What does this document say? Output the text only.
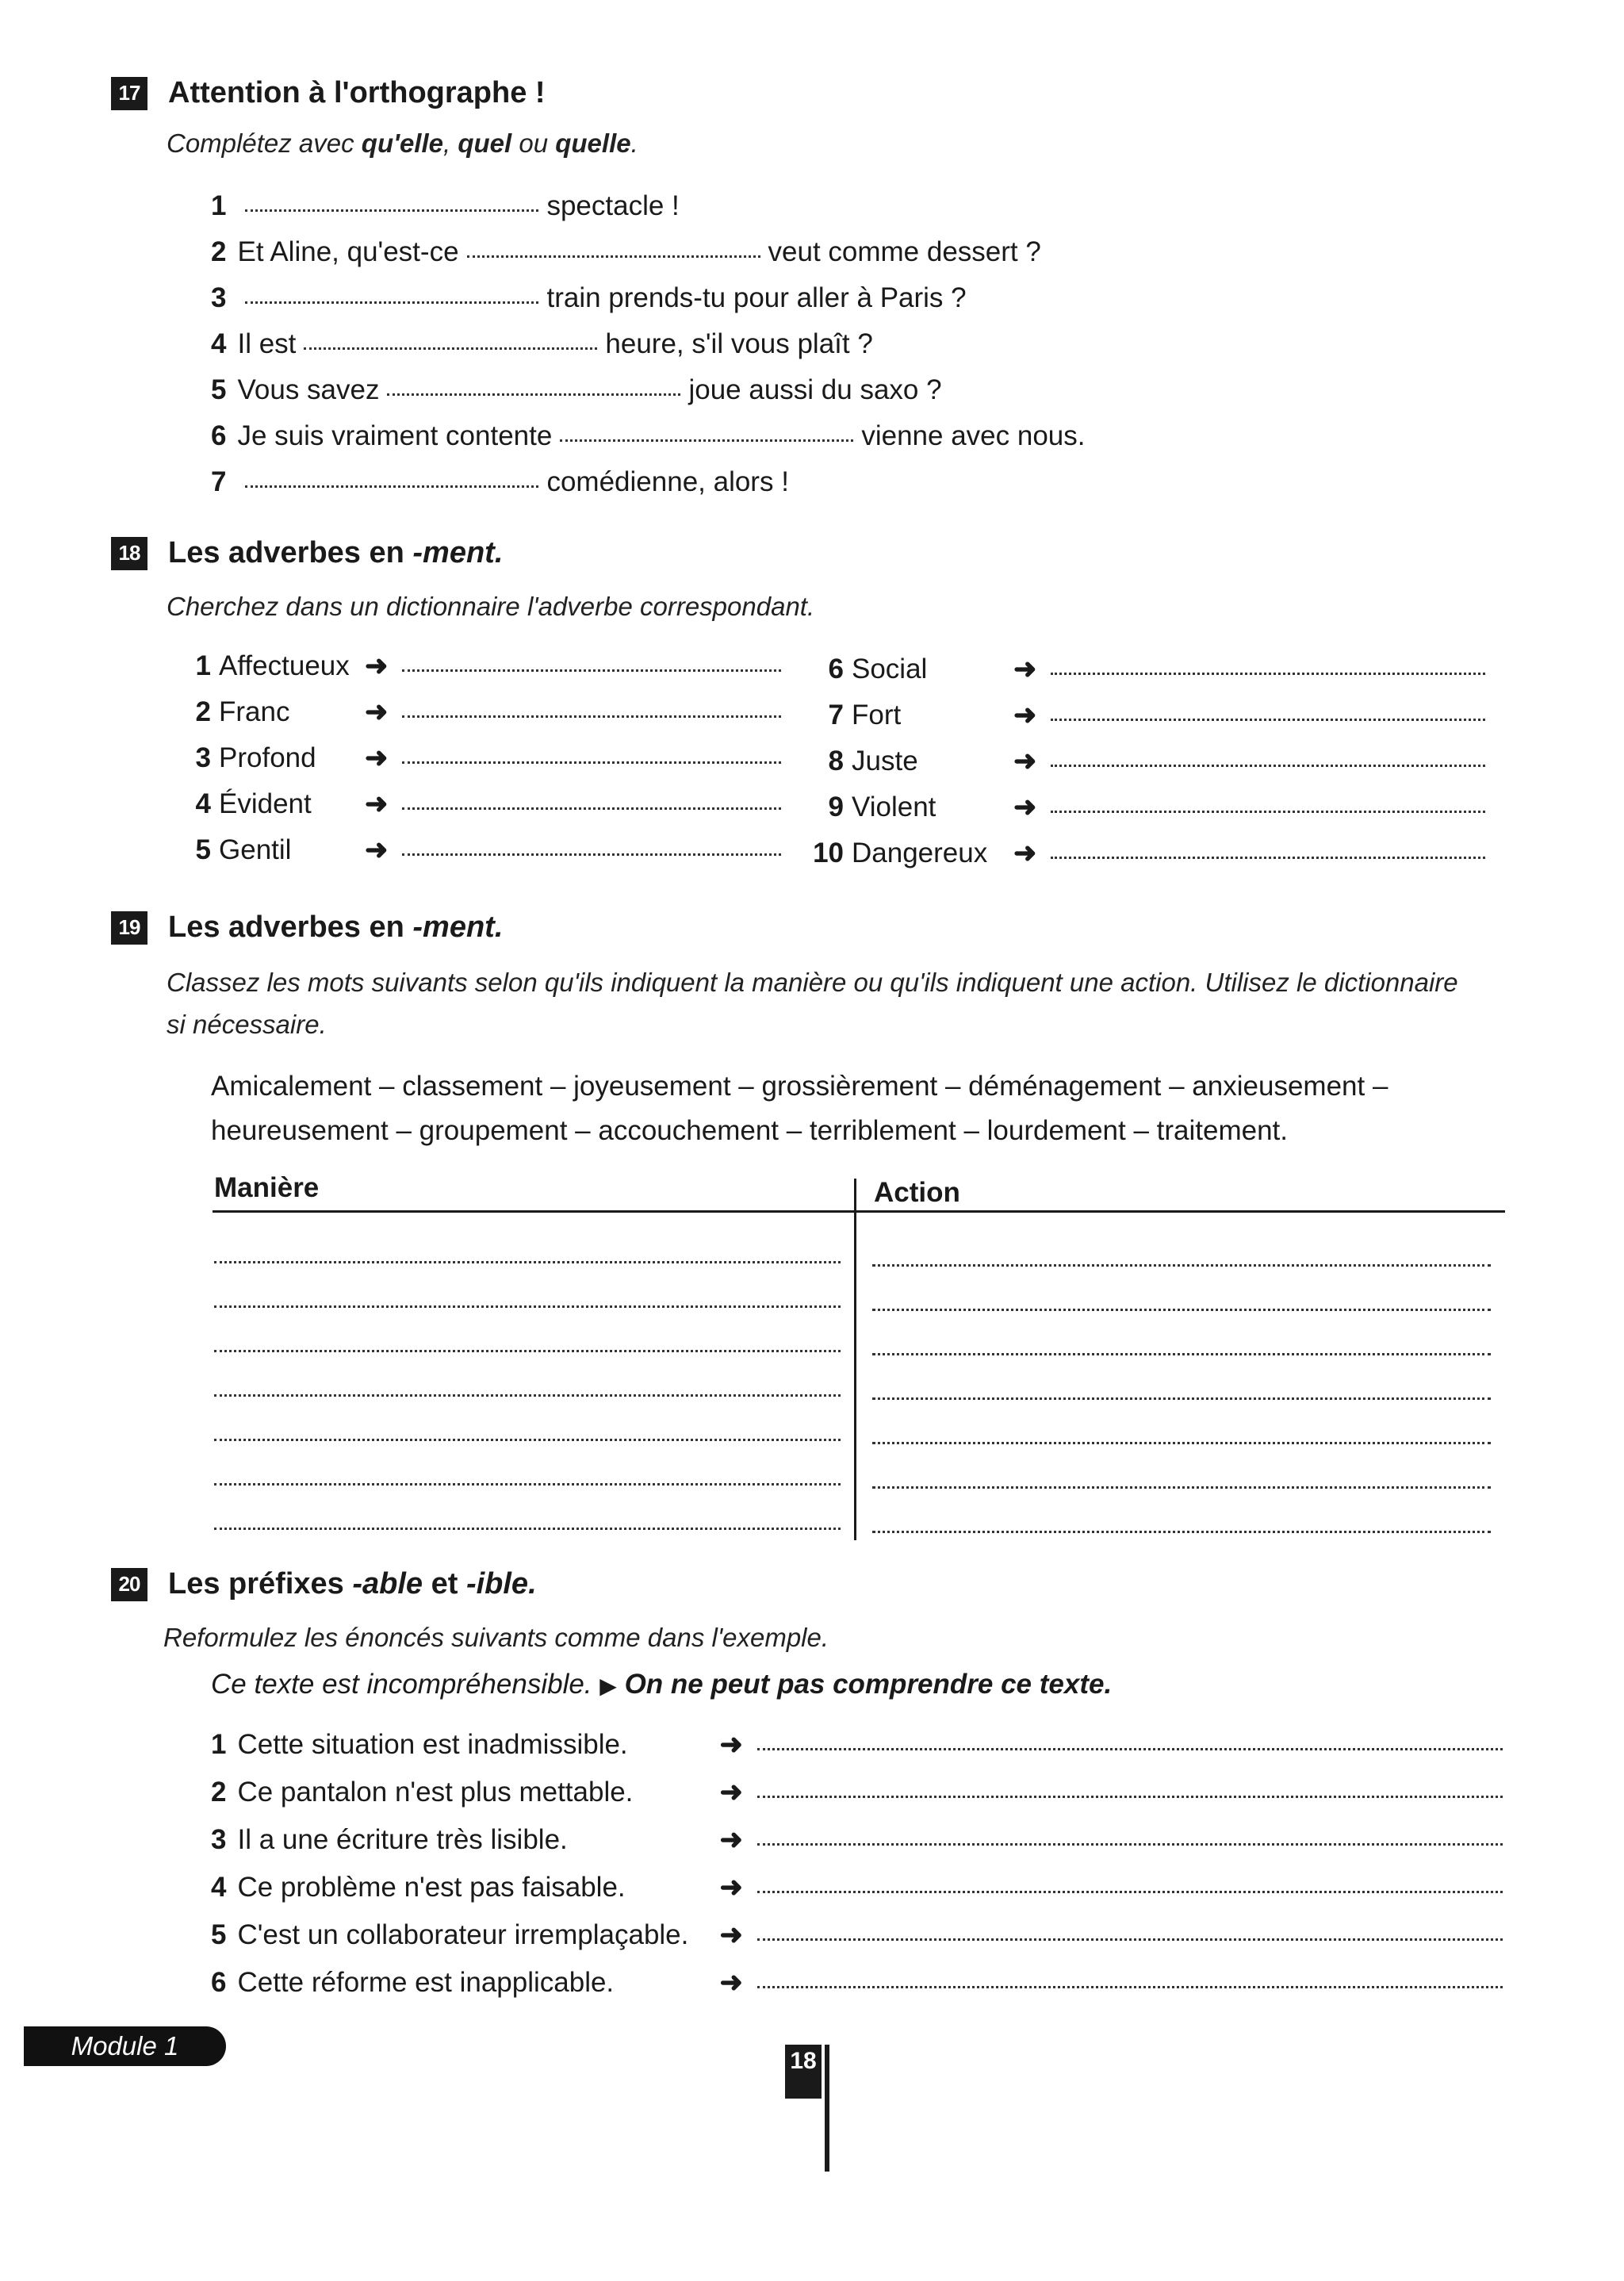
17 Attention à l'orthographe !
Complétez avec qu'elle, quel ou quelle.
1	spectacle !
2 Et Aline, qu'est-ce	veut comme dessert ?
3	train prends-tu pour aller à Paris ?
4 Il est	heure, s'il vous plaît ?
5 Vous savez	joue aussi du saxo ?
6 Je suis vraiment contente	vienne avec nous.
7	comédienne, alors !
18 Les adverbes en -ment.
Cherchez dans un dictionnaire l'adverbe correspondant.
1 Affectueux ➜
2 Franc	➜
3 Profond	➜
4 Évident	➜
5 Gentil	➜
6 Social	➜
7 Fort	➜
8 Juste	➜
9 Violent	➜
10 Dangereux ➜
19 Les adverbes en -ment.
Classez les mots suivants selon qu'ils indiquent la manière ou qu'ils indiquent une action. Utilisez le dictionnaire
si nécessaire.
Amicalement – classement – joyeusement – grossièrement – déménagement – anxieusement –
heureusement – groupement – accouchement – terriblement – lourdement – traitement.
Manière	Action
20 Les préfixes -able et -ible.
Reformulez les énoncés suivants comme dans l'exemple.
Ce texte est incompréhensible. ▶ On ne peut pas comprendre ce texte.
1 Cette situation est inadmissible.	➜
2 Ce pantalon n'est plus mettable.	➜
3 Il a une écriture très lisible.	➜
4 Ce problème n'est pas faisable.	➜
5 C'est un collaborateur irremplaçable.	➜
6 Cette réforme est inapplicable.	➜
Module 1
18
